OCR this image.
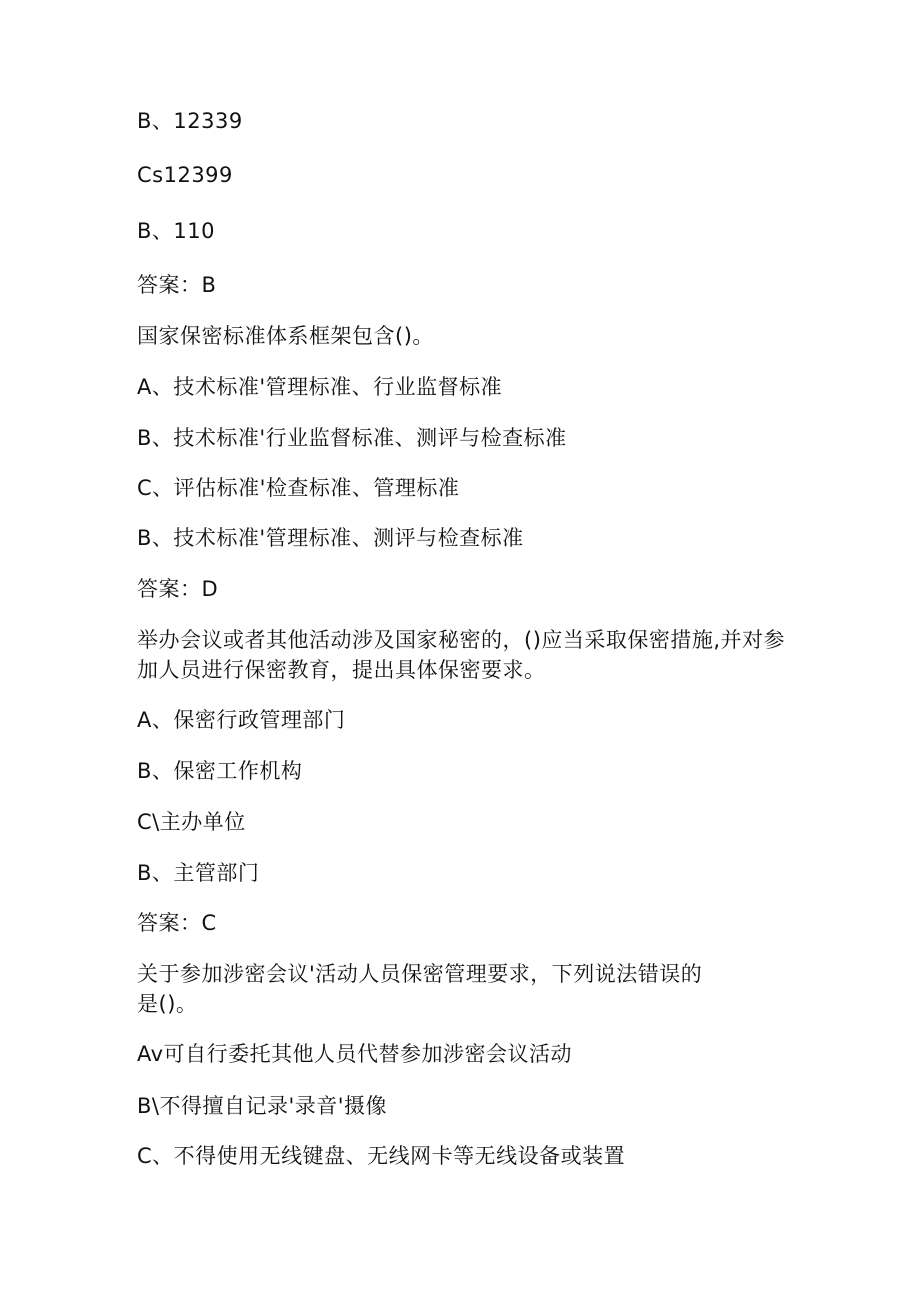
B、12339
Cs12399
B、110
答案：B
国家保密标准体系框架包含()。
A、技术标准'管理标准、行业监督标准
B、技术标准'行业监督标准、测评与检查标准
C、评估标准'检查标准、管理标准
B、技术标准'管理标准、测评与检查标准
答案：D
举办会议或者其他活动涉及国家秘密的，()应当采取保密措施,并对参
加人员进行保密教育，提出具体保密要求。
A、保密行政管理部门
B、保密工作机构
C\主办单位
B、主管部门
答案：C
关于参加涉密会议'活动人员保密管理要求，下列说法错误的
是()。
Av可自行委托其他人员代替参加涉密会议活动
B\不得擅自记录'录音'摄像
C、不得使用无线键盘、无线网卡等无线设备或装置
